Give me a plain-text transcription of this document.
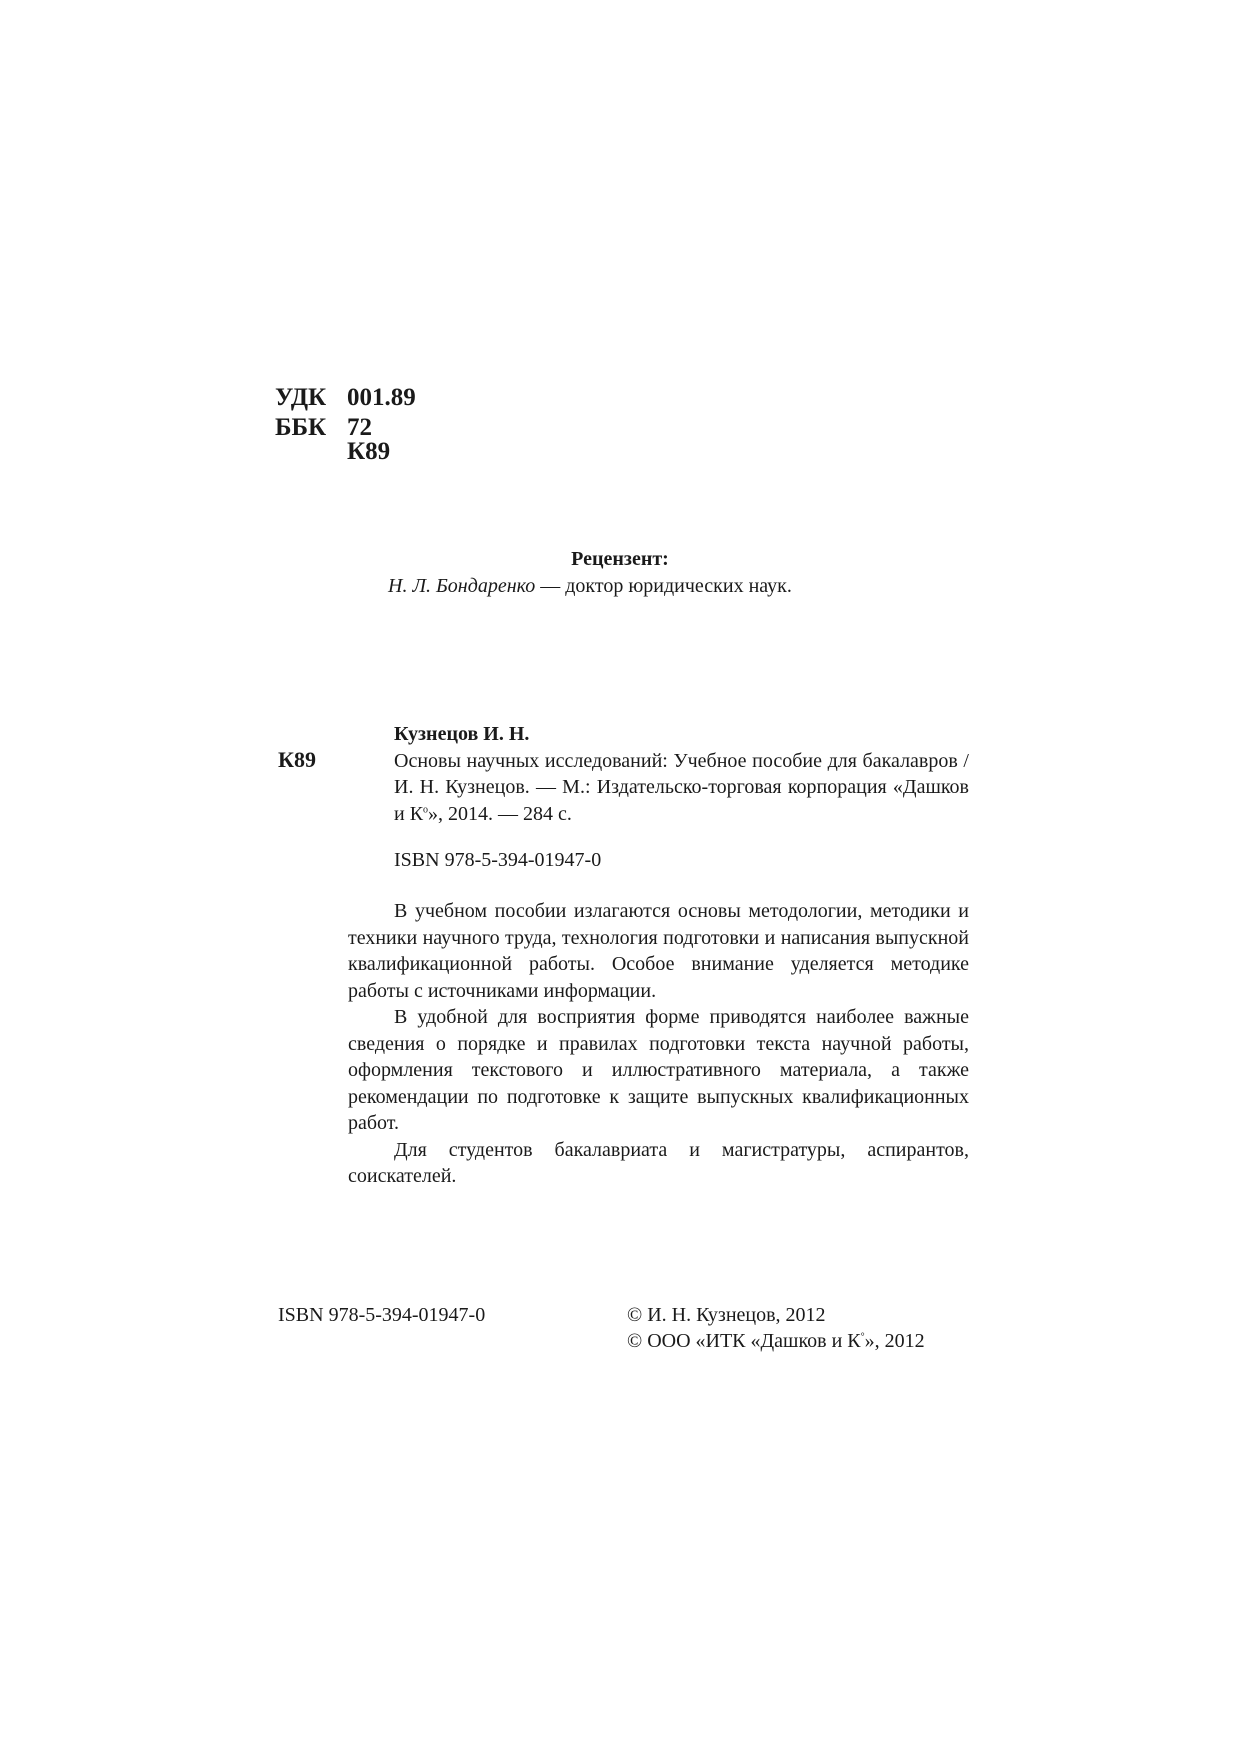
УДК 001.89
ББК 72
К89
Рецензент:
Н. Л. Бондаренко — доктор юридических наук.
К89

Кузнецов И. Н.

Основы научных исследований: Учебное пособие для бакалавров / И. Н. Кузнецов. — М.: Издательско-торговая корпорация «Дашков и $К^о$», 2014. — 284 с.

ISBN 978-5-394-01947-0

В учебном пособии излагаются основы методологии, методики и техники научного труда, технология подготовки и написания выпускной квалификационной работы. Особое внимание уделяется методике работы с источниками информации.

В удобной для восприятия форме приводятся наиболее важные сведения о порядке и правилах подготовки текста научной работы, оформления текстового и иллюстративного материала, а также рекомендации по подготовке к защите выпускных квалификационных работ.

Для студентов бакалавриата и магистратуры, аспирантов, соискателей.

ISBN 978-5-394-01947-0	© И. Н. Кузнецов, 2012
© ООО «ИТК «Дашков и К°», 2012
